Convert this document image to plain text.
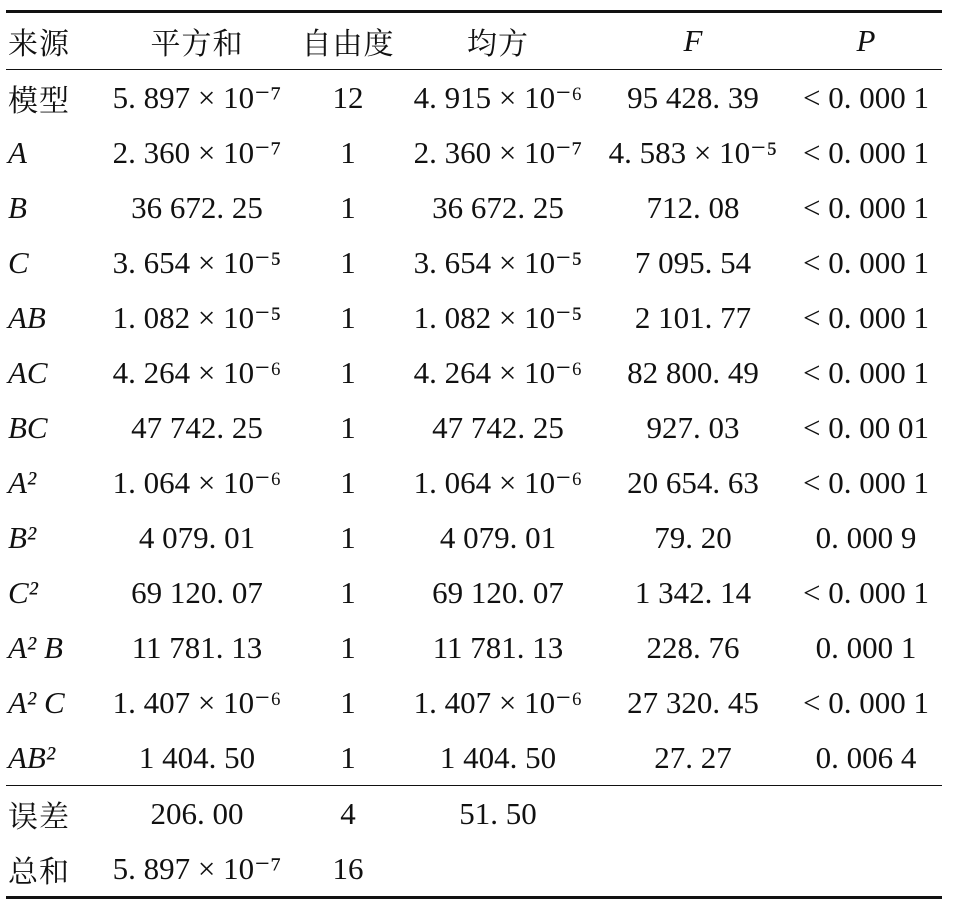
来源	平方和	自由度	均方	F	P
模型	5. 897 × 10⁻⁷	12	4. 915 × 10⁻⁶	95 428. 39	< 0. 000 1
A	2. 360 × 10⁻⁷	1	2. 360 × 10⁻⁷	4. 583 × 10⁻⁵	< 0. 000 1
B	36 672. 25	1	36 672. 25	712. 08	< 0. 000 1
C	3. 654 × 10⁻⁵	1	3. 654 × 10⁻⁵	7 095. 54	< 0. 000 1
AB	1. 082 × 10⁻⁵	1	1. 082 × 10⁻⁵	2 101. 77	< 0. 000 1
AC	4. 264 × 10⁻⁶	1	4. 264 × 10⁻⁶	82 800. 49	< 0. 000 1
BC	47 742. 25	1	47 742. 25	927. 03	< 0. 00 01
A²	1. 064 × 10⁻⁶	1	1. 064 × 10⁻⁶	20 654. 63	< 0. 000 1
B²	4 079. 01	1	4 079. 01	79. 20	0. 000 9
C²	69 120. 07	1	69 120. 07	1 342. 14	< 0. 000 1
A² B	11 781. 13	1	11 781. 13	228. 76	0. 000 1
A² C	1. 407 × 10⁻⁶	1	1. 407 × 10⁻⁶	27 320. 45	< 0. 000 1
AB²	1 404. 50	1	1 404. 50	27. 27	0. 006 4
误差	206. 00	4	51. 50		
总和	5. 897 × 10⁻⁷	16			
